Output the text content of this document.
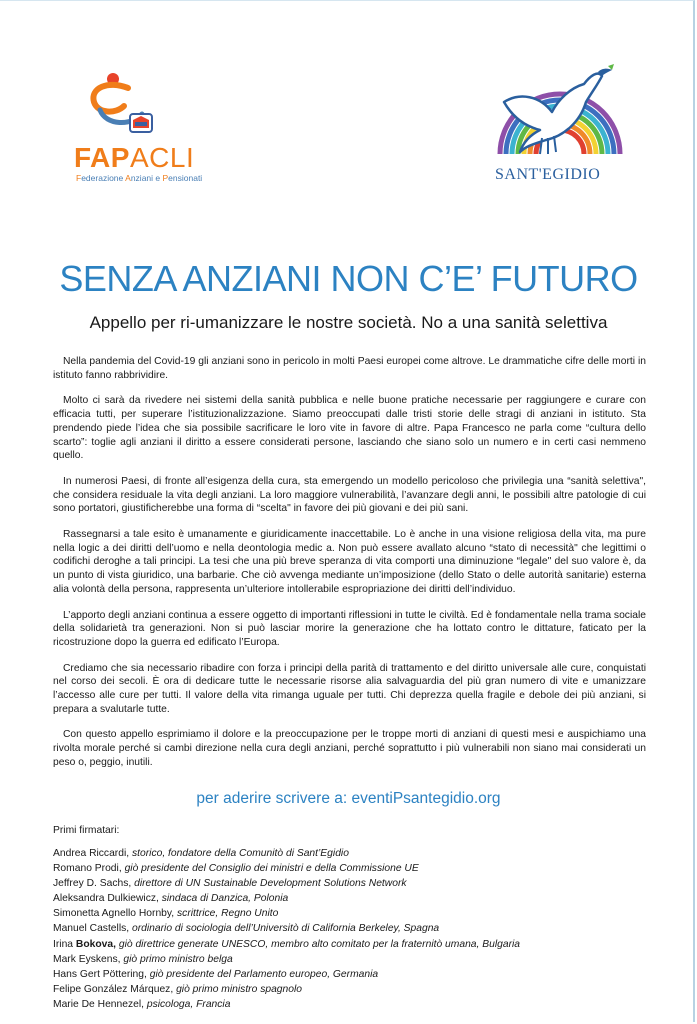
FAPACLI
Federazione Anziani e Pensionati	SANT'EGIDIO
SENZA ANZIANI NON C’E’ FUTURO
Appello per ri-umanizzare le nostre società. No a una sanità selettiva

Nella pandemia del Covid-19 gli anziani sono in pericolo in molti Paesi europei come altrove. Le drammatiche cifre delle morti in istituto fanno rabbrividire.

Molto ci sarà da rivedere nei sistemi della sanità pubblica e nelle buone pratiche necessarie per raggiungere e curare con efficacia tutti, per superare l’istituzionalizzazione. Siamo preoccupati dalle tristi storie delle stragi di anziani in istituto. Sta prendendo piede l’idea che sia possibile sacrificare le loro vite in favore di altre. Papa Francesco ne parla come “cultura dello scarto”: toglie agli anziani il diritto a essere considerati persone, lasciando che siano solo un numero e in certi casi nemmeno quello.

In numerosi Paesi, di fronte all’esigenza della cura, sta emergendo un modello pericoloso che privilegia una “sanità selettiva", che considera residuale la vita degli anziani. La loro maggiore vulnerabilità, l’avanzare degli anni, le possibili altre patologie di cui sono portatori, giustificherebbe una forma di “scelta" in favore dei più giovani e dei più sani.

Rassegnarsi a tale esito è umanamente e giuridicamente inaccettabile. Lo è anche in una visione religiosa della vita, ma pure nella logic a dei diritti dell’uomo e nella deontologia medic a. Non può essere avallato alcuno “stato di necessità" che legittimi o codifichi deroghe a tali principi. La tesi che una più breve speranza di vita comporti una diminuzione “legale" del suo valore è, da un punto di vista giuridico, una barbarie. Che ciò avvenga mediante un’imposizione (dello Stato o delle autorità sanitarie) esterna alia volontà della persona, rappresenta un’ulteriore intollerabile espropriazione dei diritti dell’individuo.

L’apporto degli anziani continua a essere oggetto di importanti riflessioni in tutte le civiltà. Ed è fondamentale nella trama sociale della solidarietà tra generazioni. Non si può lasciar morire la generazione che ha lottato contro le dittature, faticato per la ricostruzione dopo la guerra ed edificato l’Europa.

Crediamo che sia necessario ribadire con forza i principi della parità di trattamento e del diritto universale alle cure, conquistati nel corso dei secoli. È ora di dedicare tutte le necessarie risorse alia salvaguardia del più gran numero di vite e umanizzare l’accesso alle cure per tutti. Il valore della vita rimanga uguale per tutti. Chi deprezza quella fragile e debole dei più anziani, si prepara a svalutarle tutte.

Con questo appello esprimiamo il dolore e la preoccupazione per le troppe morti di anziani di questi mesi e auspichiamo una rivolta morale perché si cambi direzione nella cura degli anziani, perché soprattutto i più vulnerabili non siano mai considerati un peso o, peggio, inutili.

per aderire scrivere a: eventiPsantegidio.org
Primi firmatari:
Andrea Riccardi, storico, fondatore della Comunitò di Sant’Egidio
Romano Prodi, giò presidente del Consiglio dei ministri e della Commissione UE
Jeffrey D. Sachs, direttore di UN Sustainable Development Solutions Network
Aleksandra Dulkiewicz, sindaca di Danzica, Polonia
Simonetta Agnello Hornby, scrittrice, Regno Unito
Manuel Castells, ordinario di sociologia dell’Universitò di California Berkeley, Spagna
Irina Bokova, giò direttrice generate UNESCO, membro alto comitato per la fraternitò umana, Bulgaria
Mark Eyskens, giò primo ministro belga
Hans Gert Pöttering, giò presidente del Parlamento europeo, Germania
Felipe González Márquez, giò primo ministro spagnolo
Marie De Hennezel, psicologa, Francia
